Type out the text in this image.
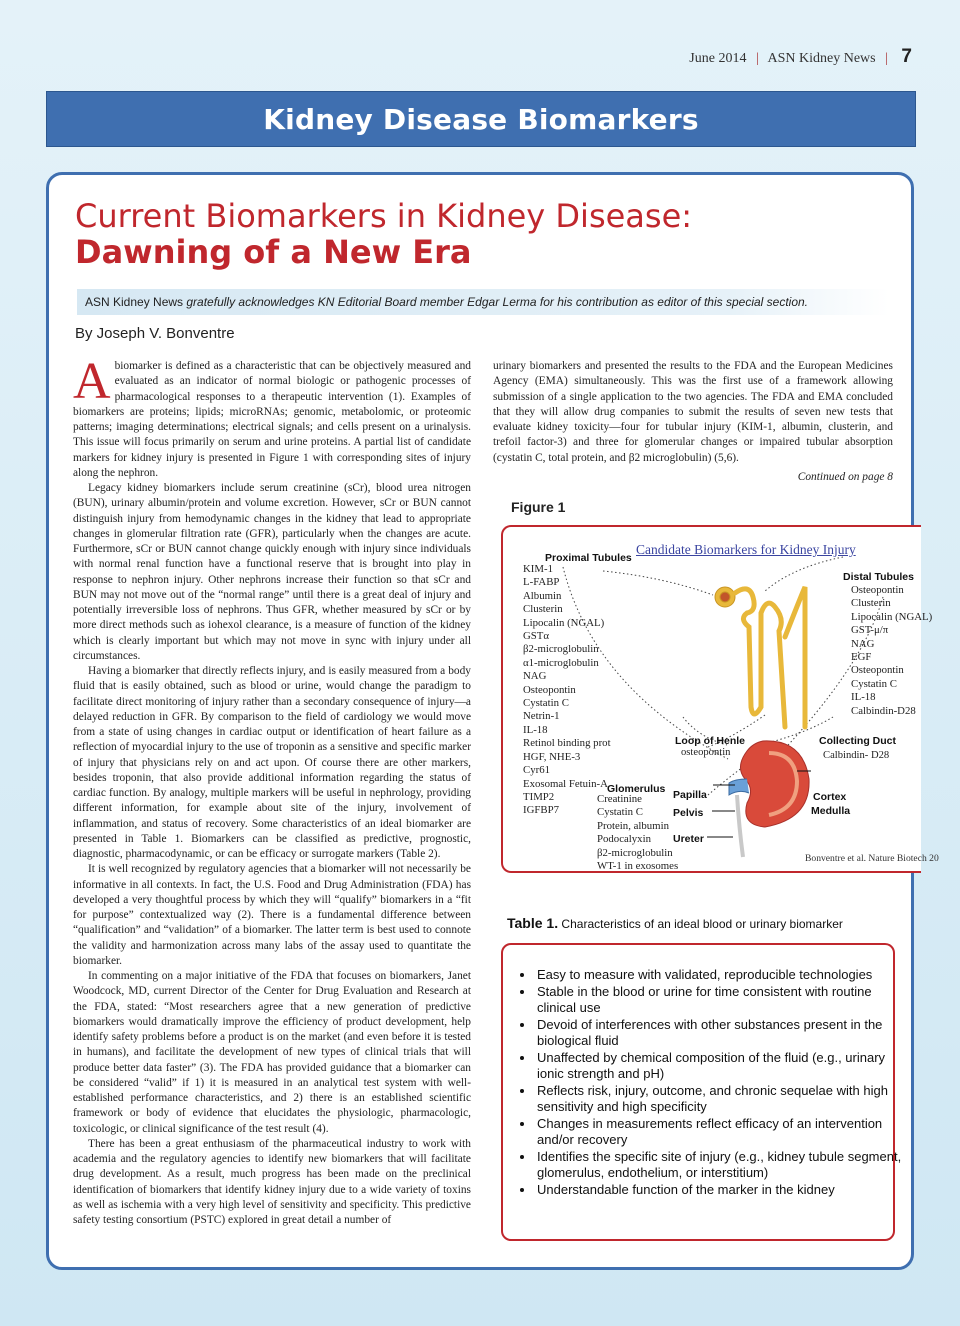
June 2014 | ASN Kidney News | 7
Kidney Disease Biomarkers
Current Biomarkers in Kidney Disease:
Dawning of a New Era
ASN Kidney News gratefully acknowledges KN Editorial Board member Edgar Lerma for his contribution as editor of this special section.
By Joseph V. Bonventre

Abiomarker is defined as a characteristic that can be objectively measured and evaluated as an indicator of normal biologic or pathogenic processes of pharmacological responses to a therapeutic intervention (1). Examples of biomarkers are proteins; lipids; microRNAs; genomic, metabolomic, or proteomic patterns; imaging determinations; electrical signals; and cells present on a urinalysis. This issue will focus primarily on serum and urine proteins. A partial list of candidate markers for kidney injury is presented in Figure 1 with corresponding sites of injury along the nephron.

Legacy kidney biomarkers include serum creatinine (sCr), blood urea nitrogen (BUN), urinary albumin/protein and volume excretion. However, sCr or BUN cannot distinguish injury from hemodynamic changes in the kidney that lead to appropriate changes in glomerular filtration rate (GFR), particularly when the changes are acute. Furthermore, sCr or BUN cannot change quickly enough with injury since individuals with normal renal function have a functional reserve that is brought into play in response to nephron injury. Other nephrons increase their function so that sCr and BUN may not move out of the “normal range” until there is a great deal of injury and potentially irreversible loss of nephrons. Thus GFR, whether measured by sCr or by more direct methods such as iohexol clearance, is a measure of function of the kidney which is clearly important but which may not move in sync with injury under all circumstances.

Having a biomarker that directly reflects injury, and is easily measured from a body fluid that is easily obtained, such as blood or urine, would change the paradigm to facilitate direct monitoring of injury rather than a secondary consequence of injury—a delayed reduction in GFR. By comparison to the field of cardiology we would move from a state of using changes in cardiac output or identification of heart failure as a reflection of myocardial injury to the use of troponin as a sensitive and specific marker of injury that physicians rely on and act upon. Of course there are other markers, besides troponin, that also provide additional information regarding the status of cardiac function. By analogy, multiple markers will be useful in nephrology, providing different information, for example about site of the injury, involvement of inflammation, and status of recovery. Some characteristics of an ideal biomarker are presented in Table 1. Biomarkers can be classified as predictive, prognostic, diagnostic, pharmacodynamic, or can be efficacy or surrogate markers (Table 2).

It is well recognized by regulatory agencies that a biomarker will not necessarily be informative in all contexts. In fact, the U.S. Food and Drug Administration (FDA) has developed a very thoughtful process by which they will “qualify” biomarkers in a “fit for purpose” contextualized way (2). There is a fundamental difference between “qualification” and “validation” of a biomarker. The latter term is best used to connote the validity and harmonization across many labs of the assay used to quantitate the biomarker.

In commenting on a major initiative of the FDA that focuses on biomarkers, Janet Woodcock, MD, current Director of the Center for Drug Evaluation and Research at the FDA, stated: “Most researchers agree that a new generation of predictive biomarkers would dramatically improve the efficiency of product development, help identify safety problems before a product is on the market (and even before it is tested in humans), and facilitate the development of new types of clinical trials that will produce better data faster” (3). The FDA has provided guidance that a biomarker can be considered “valid” if 1) it is measured in an analytical test system with well-established performance characteristics, and 2) there is an established scientific framework or body of evidence that elucidates the physiologic, pharmacologic, toxicologic, or clinical significance of the test result (4).

There has been a great enthusiasm of the pharmaceutical industry to work with academia and the regulatory agencies to identify new biomarkers that will facilitate drug development. As a result, much progress has been made on the preclinical identification of biomarkers that identify kidney injury due to a wide variety of toxins as well as ischemia with a very high level of sensitivity and specificity. This predictive safety testing consortium (PSTC) explored in great detail a number of

urinary biomarkers and presented the results to the FDA and the European Medicines Agency (EMA) simultaneously. This was the first use of a framework allowing submission of a single application to the two agencies. The FDA and EMA concluded that they will allow drug companies to submit the results of seven new tests that evaluate kidney toxicity—four for tubular injury (KIM-1, albumin, clusterin, and trefoil factor-3) and three for glomerular changes or impaired tubular absorption (cystatin C, total protein, and β2 microglobulin) (5,6).

Continued on page 8
Figure 1
Candidate Biomarkers for Kidney Injury
Proximal Tubules
KIM-1
L-FABP
Albumin
Clusterin
Lipocalin (NGAL)
GSTα
β2-microglobulin
α1-microglobulin
NAG
Osteopontin
Cystatin C
Netrin-1
IL-18
Retinol binding prot
HGF, NHE-3
Cyr61
Exosomal Fetuin-A
TIMP2
IGFBP7
Distal Tubules
Osteopontin
Clusterin
Lipocalin (NGAL)
GST-μ/π
NAG
EGF
Osteopontin
Cystatin C
IL-18
Calbindin-D28
Loop of Henle
osteopontin
Collecting Duct
Calbindin- D28
Glomerulus
Creatinine
Cystatin C
Protein, albumin
Podocalyxin
β2-microglobulin
WT-1 in exosomes
Papilla
Pelvis
Ureter
Cortex
Medulla
Bonventre et al. Nature Biotech 20
Table 1. Characteristics of an ideal blood or urinary biomarker
• Easy to measure with validated, reproducible technologies
• Stable in the blood or urine for time consistent with routine clinical use
• Devoid of interferences with other substances present in the biological fluid
• Unaffected by chemical composition of the fluid (e.g., urinary ionic strength and pH)
• Reflects risk, injury, outcome, and chronic sequelae with high sensitivity and high specificity
• Changes in measurements reflect efficacy of an intervention and/or recovery
• Identifies the specific site of injury (e.g., kidney tubule segment, glomerulus, endothelium, or interstitium)
• Understandable function of the marker in the kidney
